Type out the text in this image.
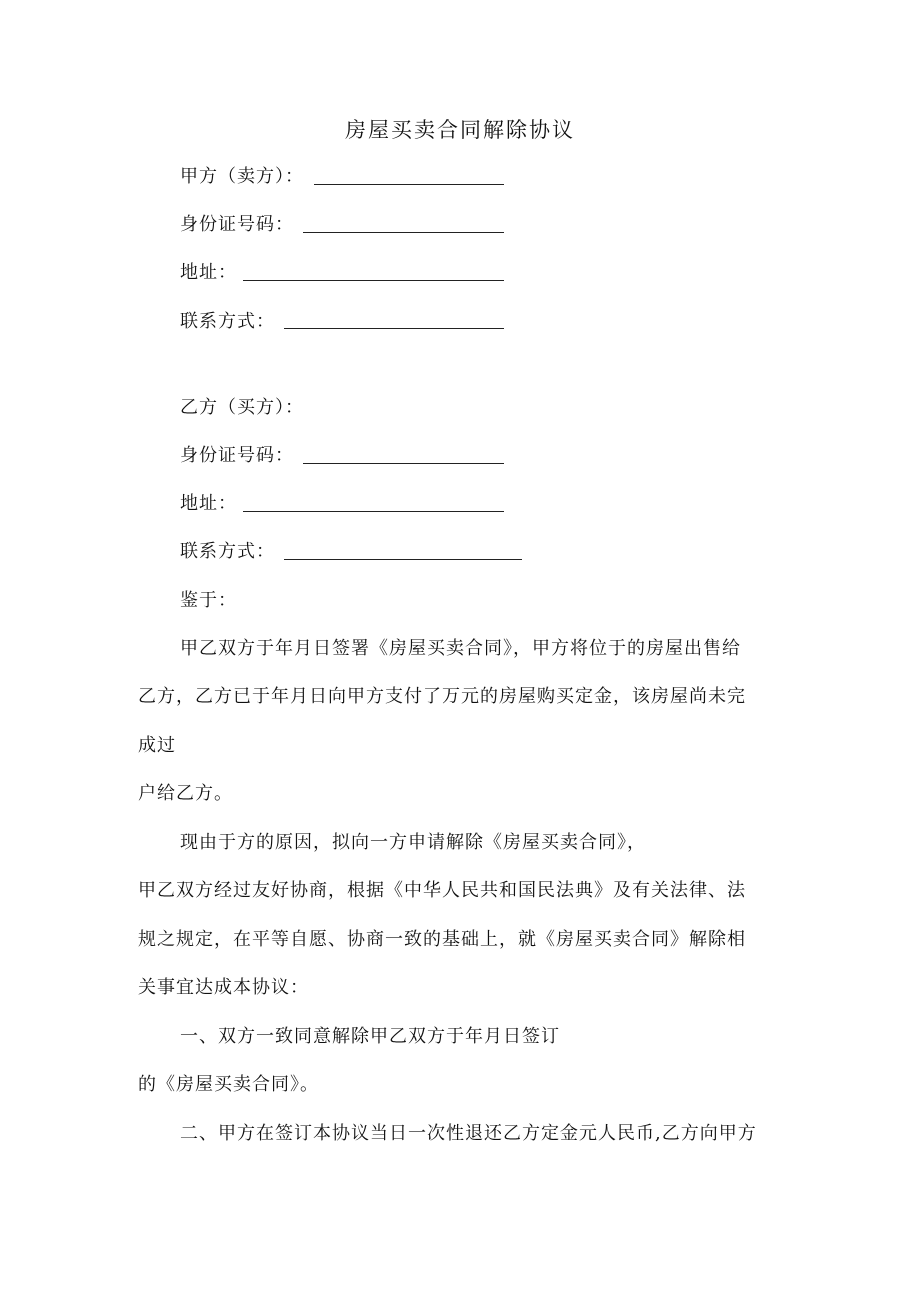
房屋买卖合同解除协议
甲方（卖方）：
身份证号码：
地址：
联系方式：
乙方（买方）：
身份证号码：
地址：
联系方式：
鉴于：
甲乙双方于年月日签署《房屋买卖合同》，甲方将位于的房屋出售给
乙方，乙方已于年月日向甲方支付了万元的房屋购买定金，该房屋尚未完
成过
户给乙方。
现由于方的原因，拟向一方申请解除《房屋买卖合同》，
甲乙双方经过友好协商，根据《中华人民共和国民法典》及有关法律、法
规之规定，在平等自愿、协商一致的基础上，就《房屋买卖合同》解除相
关事宜达成本协议：
一、双方一致同意解除甲乙双方于年月日签订
的《房屋买卖合同》。
二、甲方在签订本协议当日一次性退还乙方定金元人民币,乙方向甲方
